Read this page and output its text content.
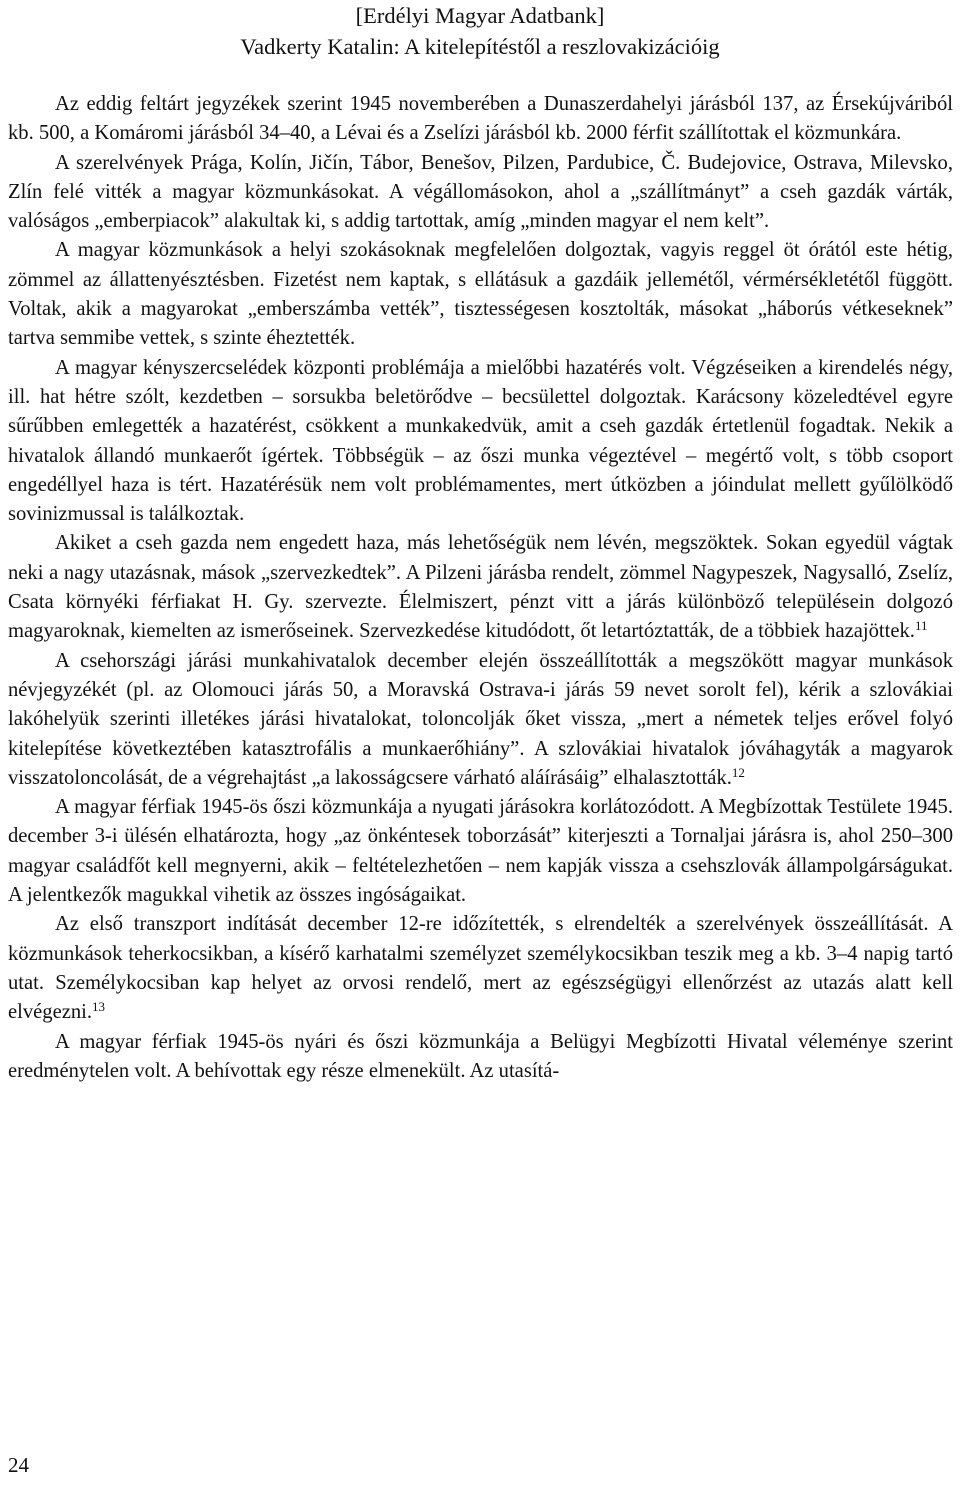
[Erdélyi Magyar Adatbank]
Vadkerty Katalin: A kitelepítéstől a reszlovakizációig

Az eddig feltárt jegyzékek szerint 1945 novemberében a Dunaszerdahelyi járásból 137, az Érsekújváriból kb. 500, a Komáromi járásból 34–40, a Lévai és a Zselízi járásból kb. 2000 férfit szállítottak el közmunkára.

A szerelvények Prága, Kolín, Jičín, Tábor, Benešov, Pilzen, Pardubice, Č. Budejovice, Ostrava, Milevsko, Zlín felé vitték a magyar közmunkásokat. A végállomásokon, ahol a „szállítmányt” a cseh gazdák várták, valóságos „emberpiacok” alakultak ki, s addig tartottak, amíg „minden magyar el nem kelt”.

A magyar közmunkások a helyi szokásoknak megfelelően dolgoztak, vagyis reggel öt órától este hétig, zömmel az állattenyésztésben. Fizetést nem kaptak, s ellátásuk a gazdáik jellemétől, vérmérsékletétől függött. Voltak, akik a magyarokat „emberszámba vették”, tisztességesen kosztolták, másokat „háborús vétkeseknek” tartva semmibe vettek, s szinte éheztették.

A magyar kényszercselédek központi problémája a mielőbbi hazatérés volt. Végzéseiken a kirendelés négy, ill. hat hétre szólt, kezdetben – sorsukba beletörődve – becsülettel dolgoztak. Karácsony közeledtével egyre sűrűbben emlegették a hazatérést, csökkent a munkakedvük, amit a cseh gazdák értetlenül fogadtak. Nekik a hivatalok állandó munkaerőt ígértek. Többségük – az őszi munka végeztével – megértő volt, s több csoport engedéllyel haza is tért. Hazatérésük nem volt problémamentes, mert útközben a jóindulat mellett gyűlölködő sovinizmussal is találkoztak.

Akiket a cseh gazda nem engedett haza, más lehetőségük nem lévén, megszöktek. Sokan egyedül vágtak neki a nagy utazásnak, mások „szervezkedtek”. A Pilzeni járásba rendelt, zömmel Nagypeszek, Nagysalló, Zselíz, Csata környéki férfiakat H. Gy. szervezte. Élelmiszert, pénzt vitt a járás különböző településein dolgozó magyaroknak, kiemelten az ismerőseinek. Szervezkedése kitudódott, őt letartóztatták, de a többiek hazajöttek.$^{11}$

A csehországi járási munkahivatalok december elején összeállították a megszökött magyar munkások névjegyzékét (pl. az Olomouci járás 50, a Moravská Ostrava-i járás 59 nevet sorolt fel), kérik a szlovákiai lakóhelyük szerinti illetékes járási hivatalokat, toloncolják őket vissza, „mert a németek teljes erővel folyó kitelepítése következtében katasztrofális a munkaerőhiány”. A szlovákiai hivatalok jóváhagyták a magyarok visszatoloncolását, de a végrehajtást „a lakosságcsere várható aláírásáig” elhalasztották.$^{12}$

A magyar férfiak 1945-ös őszi közmunkája a nyugati járásokra korlátozódott. A Megbízottak Testülete 1945. december 3-i ülésén elhatározta, hogy „az önkéntesek toborzását” kiterjeszti a Tornaljai járásra is, ahol 250–300 magyar családfőt kell megnyerni, akik – feltételezhetően – nem kapják vissza a csehszlovák állampolgárságukat. A jelentkezők magukkal vihetik az összes ingóságaikat.

Az első transzport indítását december 12-re időzítették, s elrendelték a szerelvények összeállítását. A közmunkások teherkocsikban, a kísérő karhatalmi személyzet személykocsikban teszik meg a kb. 3–4 napig tartó utat. Személykocsiban kap helyet az orvosi rendelő, mert az egészségügyi ellenőrzést az utazás alatt kell elvégezni.$^{13}$

A magyar férfiak 1945-ös nyári és őszi közmunkája a Belügyi Megbízotti Hivatal véleménye szerint eredménytelen volt. A behívottak egy része elmenekült. Az utasítá-

24
